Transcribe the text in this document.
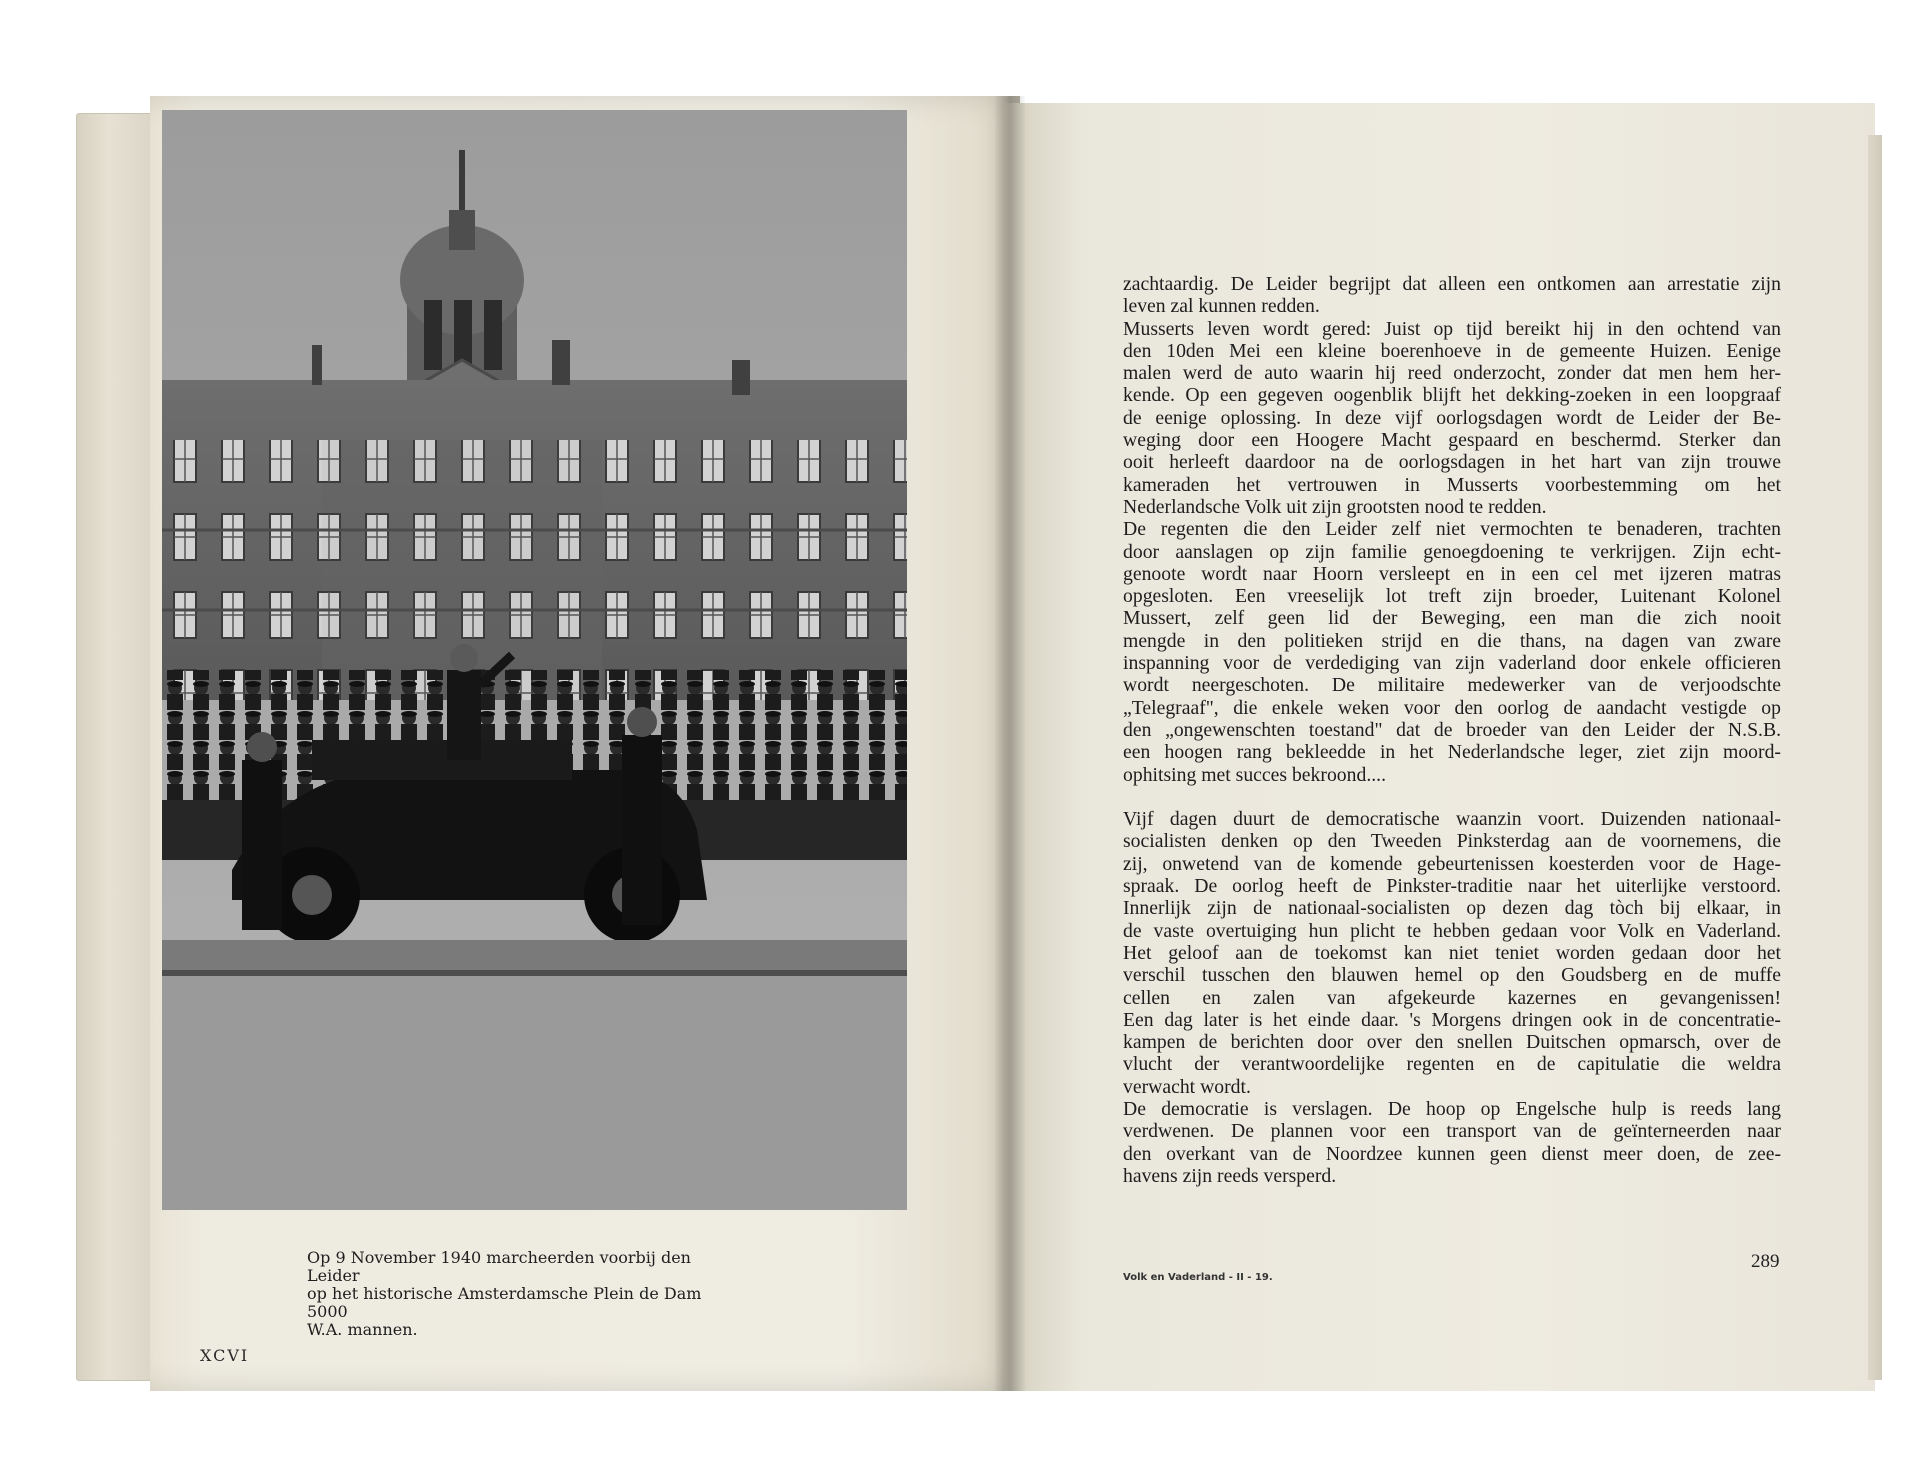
Op 9 November 1940 marcheerden voorbij den Leider
op het historische Amsterdamsche Plein de Dam 5000
W.A. mannen.
XCVI
zachtaardig. De Leider begrijpt dat alleen een ontkomen aan arrestatie zijn
leven zal kunnen redden.
Musserts leven wordt gered: Juist op tijd bereikt hij in den ochtend van
den 10den Mei een kleine boerenhoeve in de gemeente Huizen. Eenige
malen werd de auto waarin hij reed onderzocht, zonder dat men hem her-
kende. Op een gegeven oogenblik blijft het dekking-zoeken in een loopgraaf
de eenige oplossing. In deze vijf oorlogsdagen wordt de Leider der Be-
weging door een Hoogere Macht gespaard en beschermd. Sterker dan
ooit herleeft daardoor na de oorlogsdagen in het hart van zijn trouwe
kameraden het vertrouwen in Musserts voorbestemming om het
Nederlandsche Volk uit zijn grootsten nood te redden.
De regenten die den Leider zelf niet vermochten te benaderen, trachten
door aanslagen op zijn familie genoegdoening te verkrijgen. Zijn echt-
genoote wordt naar Hoorn versleept en in een cel met ijzeren matras
opgesloten. Een vreeselijk lot treft zijn broeder, Luitenant Kolonel
Mussert, zelf geen lid der Beweging, een man die zich nooit
mengde in den politieken strijd en die thans, na dagen van zware
inspanning voor de verdediging van zijn vaderland door enkele officieren
wordt neergeschoten. De militaire medewerker van de verjoodschte
„Telegraaf", die enkele weken voor den oorlog de aandacht vestigde op
den „ongewenschten toestand" dat de broeder van den Leider der N.S.B.
een hoogen rang bekleedde in het Nederlandsche leger, ziet zijn moord-
ophitsing met succes bekroond....
Vijf dagen duurt de democratische waanzin voort. Duizenden nationaal-
socialisten denken op den Tweeden Pinksterdag aan de voornemens, die
zij, onwetend van de komende gebeurtenissen koesterden voor de Hage-
spraak. De oorlog heeft de Pinkster-traditie naar het uiterlijke verstoord.
Innerlijk zijn de nationaal-socialisten op dezen dag tòch bij elkaar, in
de vaste overtuiging hun plicht te hebben gedaan voor Volk en Vaderland.
Het geloof aan de toekomst kan niet teniet worden gedaan door het
verschil tusschen den blauwen hemel op den Goudsberg en de muffe
cellen en zalen van afgekeurde kazernes en gevangenissen!
Een dag later is het einde daar. 's Morgens dringen ook in de concentratie-
kampen de berichten door over den snellen Duitschen opmarsch, over de
vlucht der verantwoordelijke regenten en de capitulatie die weldra
verwacht wordt.
De democratie is verslagen. De hoop op Engelsche hulp is reeds lang
verdwenen. De plannen voor een transport van de geïnterneerden naar
den overkant van de Noordzee kunnen geen dienst meer doen, de zee-
havens zijn reeds versperd.
Volk en Vaderland - II - 19.
289
